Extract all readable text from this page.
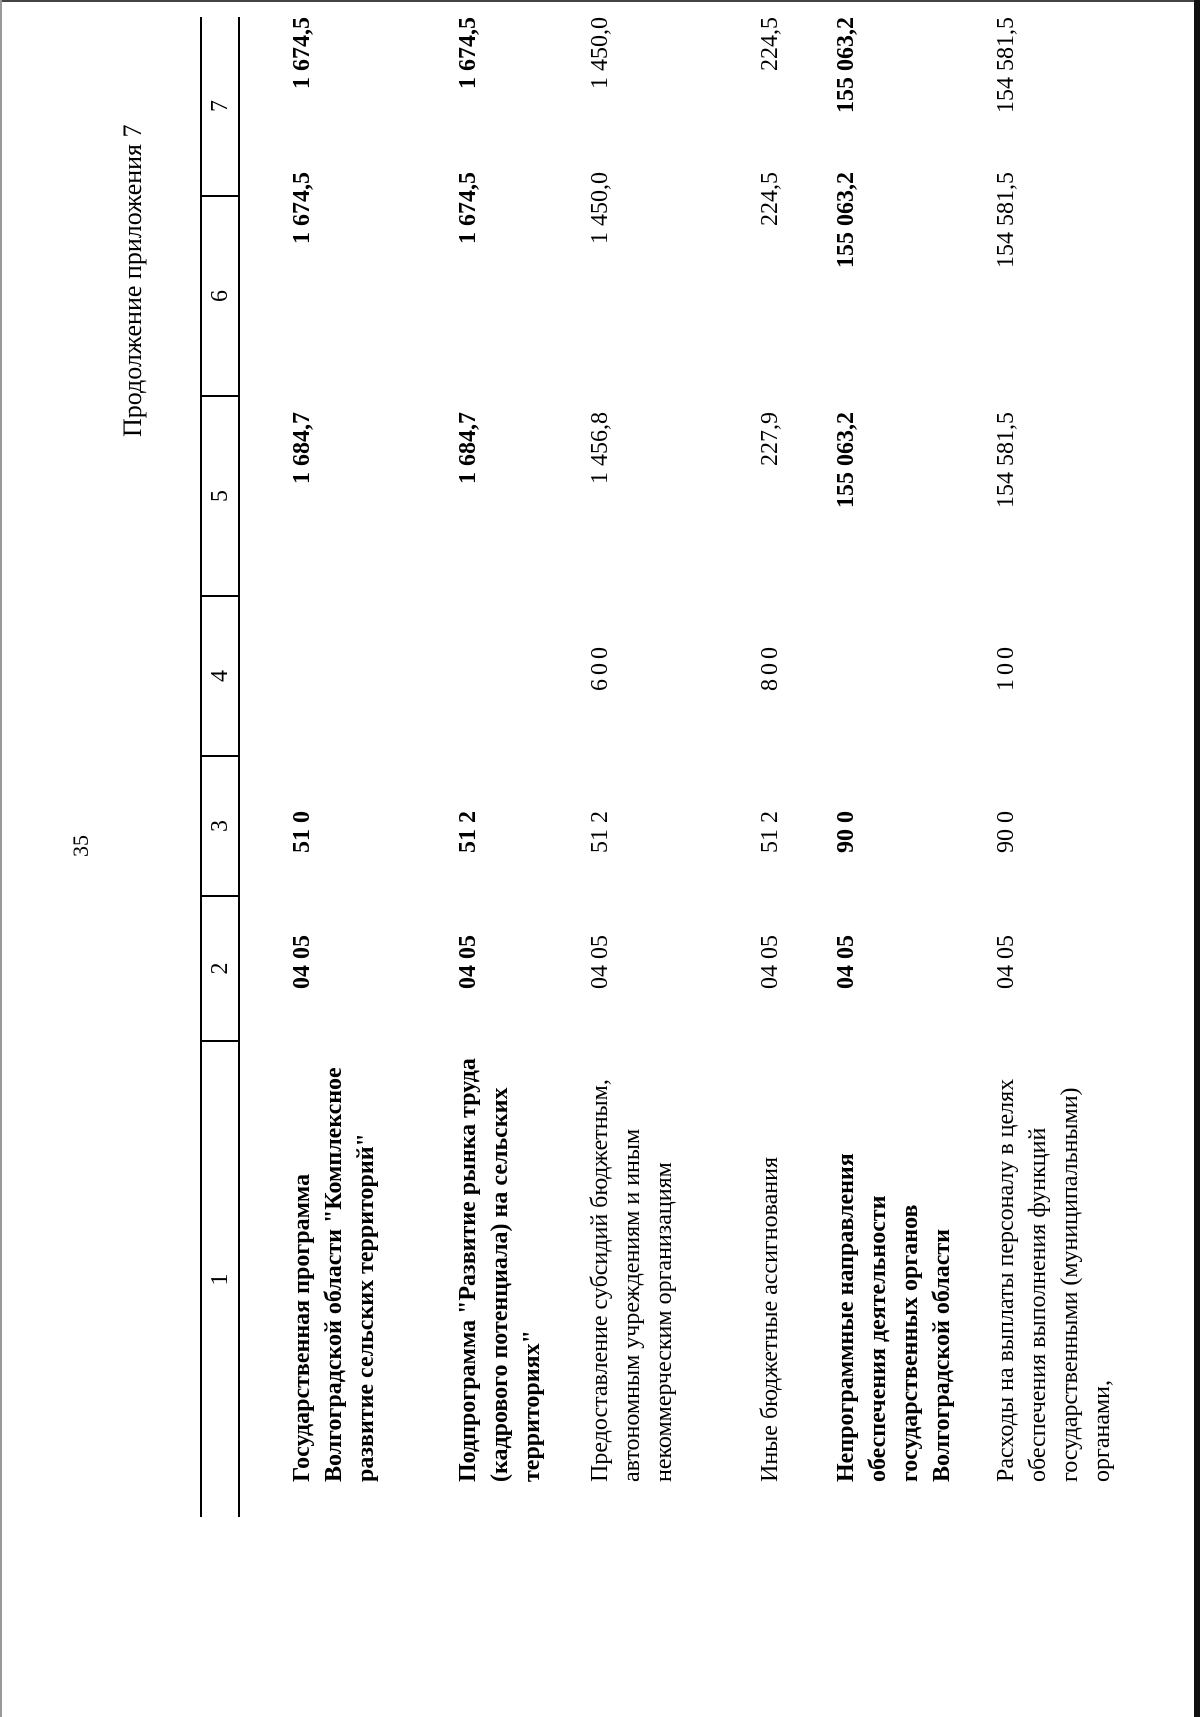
35
Продолжение приложения 7
1
2
3
4
5
6
7
Государственная программа Волгоградской области "Комплексное развитие сельских территорий"
04 05
51 0
1 684,7
1 674,5
1 674,5
Подпрограмма "Развитие рынка труда (кадрового потенциала) на сельских территориях"
04 05
51 2
1 684,7
1 674,5
1 674,5
Предоставление субсидий бюджетным, автономным учреждениям и иным некоммерческим организациям
04 05
51 2
600
1 456,8
1 450,0
1 450,0
Иные бюджетные ассигнования
04 05
51 2
800
227,9
224,5
224,5
Непрограммные направления обеспечения деятельности государственных органов Волгоградской области
04 05
90 0
155 063,2
155 063,2
155 063,2
Расходы на выплаты персоналу в целях обеспечения выполнения функций государственными (муниципальными) органами,
04 05
90 0
100
154 581,5
154 581,5
154 581,5
